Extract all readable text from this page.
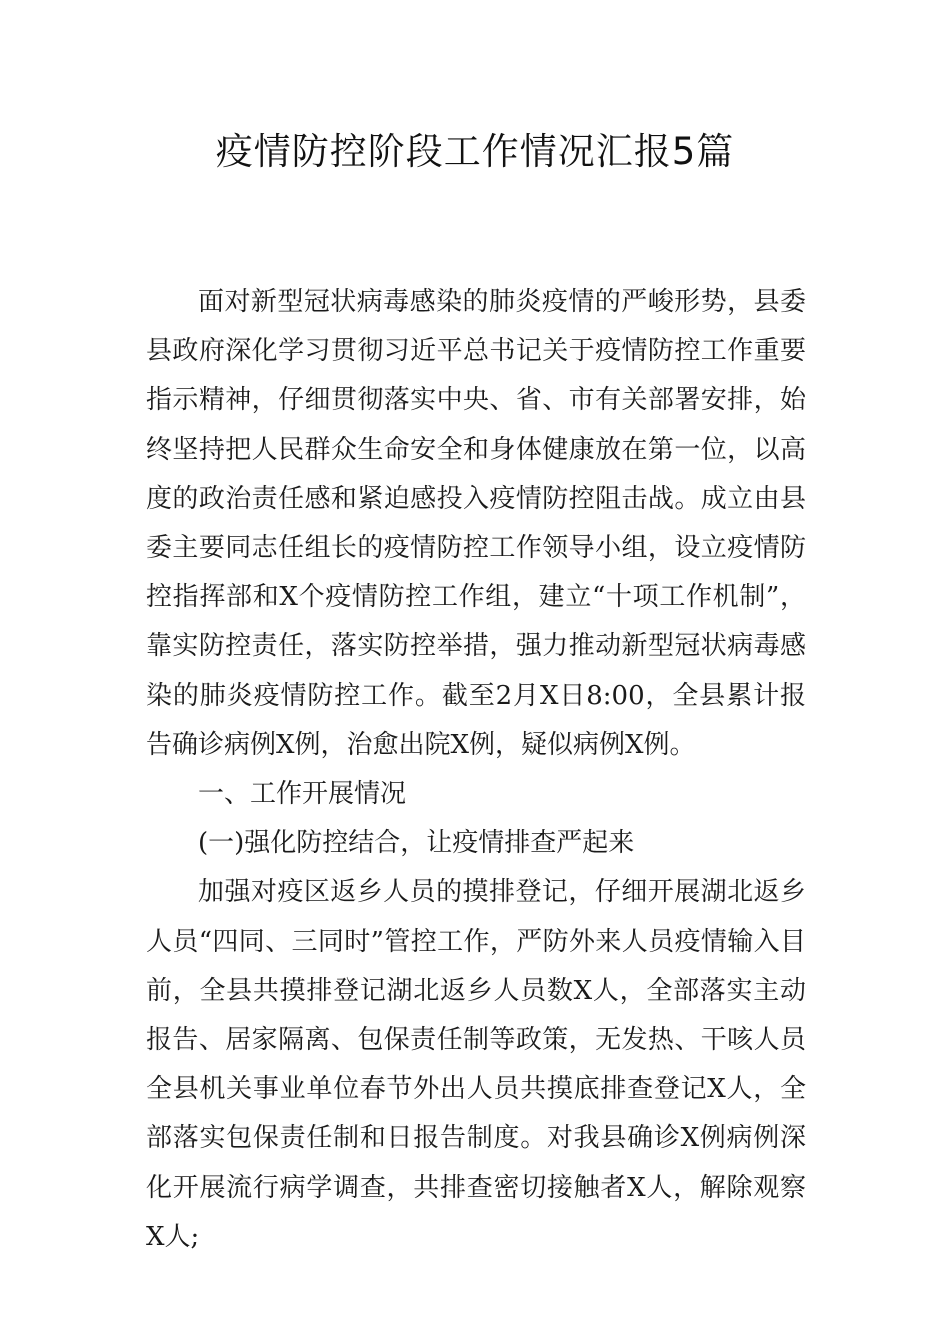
疫情防控阶段工作情况汇报5篇

面对新型冠状病毒感染的肺炎疫情的严峻形势，县委县政府深化学习贯彻习近平总书记关于疫情防控工作重要指示精神，仔细贯彻落实中央、省、市有关部署安排，始终坚持把人民群众生命安全和身体健康放在第一位，以高度的政治责任感和紧迫感投入疫情防控阻击战。成立由县委主要同志任组长的疫情防控工作领导小组，设立疫情防控指挥部和X个疫情防控工作组，建立“十项工作机制”，靠实防控责任，落实防控举措，强力推动新型冠状病毒感染的肺炎疫情防控工作。截至2月X日8:00，全县累计报告确诊病例X例，治愈出院X例，疑似病例X例。

一、工作开展情况

(一)强化防控结合，让疫情排查严起来

加强对疫区返乡人员的摸排登记，仔细开展湖北返乡人员“四同、三同时”管控工作，严防外来人员疫情输入目前，全县共摸排登记湖北返乡人员数X人，全部落实主动报告、居家隔离、包保责任制等政策，无发热、干咳人员全县机关事业单位春节外出人员共摸底排查登记X人，全部落实包保责任制和日报告制度。对我县确诊X例病例深化开展流行病学调查，共排查密切接触者X人，解除观察X人;
